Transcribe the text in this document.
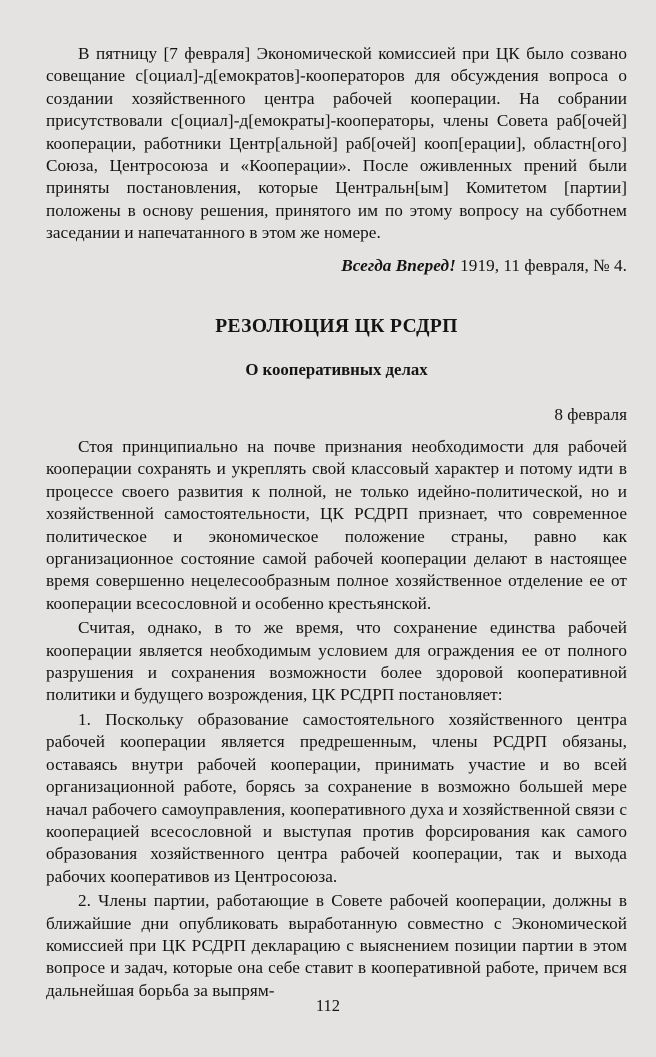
В пятницу [7 февраля] Экономической комиссией при ЦК было созвано совещание с[оциал]-д[емократов]-кооператоров для обсуждения вопроса о создании хозяйственного центра рабочей кооперации. На собрании присутствовали с[оциал]-д[емократы]-кооператоры, члены Совета раб[очей] кооперации, работники Центр[альной] раб[очей] кооп[ерации], областн[ого] Союза, Центросоюза и «Кооперации». После оживленных прений были приняты постановления, которые Центральн[ым] Комитетом [партии] положены в основу решения, принятого им по этому вопросу на субботнем заседании и напечатанного в этом же номере.

Всегда Вперед! 1919, 11 февраля, № 4.

РЕЗОЛЮЦИЯ ЦК РСДРП
О кооперативных делах
8 февраля

Стоя принципиально на почве признания необходимости для рабочей кооперации сохранять и укреплять свой классовый характер и потому идти в процессе своего развития к полной, не только идейно-политической, но и хозяйственной самостоятельности, ЦК РСДРП признает, что современное политическое и экономическое положение страны, равно как организационное состояние самой рабочей кооперации делают в настоящее время совершенно нецелесообразным полное хозяйственное отделение ее от кооперации всесословной и особенно крестьянской.

Считая, однако, в то же время, что сохранение единства рабочей кооперации является необходимым условием для ограждения ее от полного разрушения и сохранения возможности более здоровой кооперативной политики и будущего возрождения, ЦК РСДРП постановляет:

1. Поскольку образование самостоятельного хозяйственного центра рабочей кооперации является предрешенным, члены РСДРП обязаны, оставаясь внутри рабочей кооперации, принимать участие и во всей организационной работе, борясь за сохранение в возможно большей мере начал рабочего самоуправления, кооперативного духа и хозяйственной связи с кооперацией всесословной и выступая против форсирования как самого образования хозяйственного центра рабочей кооперации, так и выхода рабочих кооперативов из Центросоюза.

2. Члены партии, работающие в Совете рабочей кооперации, должны в ближайшие дни опубликовать выработанную совместно с Экономической комиссией при ЦК РСДРП декларацию с выяснением позиции партии в этом вопросе и задач, которые она себе ставит в кооперативной работе, причем вся дальнейшая борьба за выпрям-

112
